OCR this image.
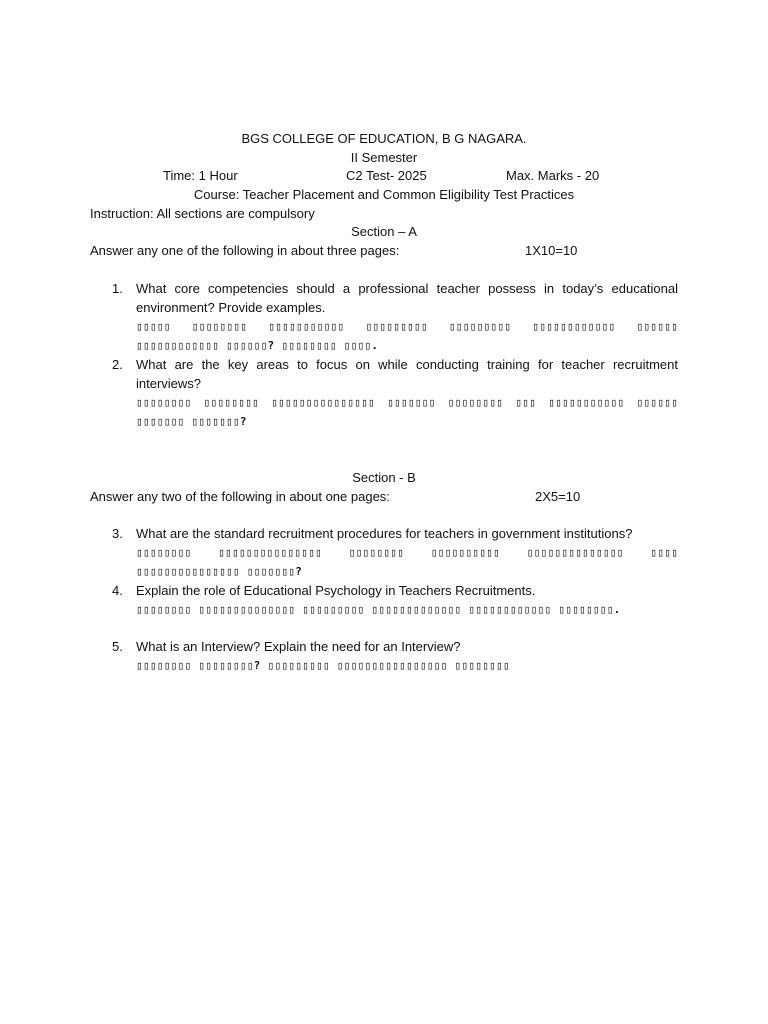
BGS COLLEGE OF EDUCATION, B G NAGARA.
II Semester
Time: 1 Hour	C2 Test- 2025	Max. Marks - 20
Course: Teacher Placement and Common Eligibility Test Practices
Instruction: All sections are compulsory
Section – A
Answer any one of the following in about three pages:	1X10=10
1. What core competencies should a professional teacher possess in today’s educational
environment? Provide examples.
▯▯▯▯▯ ▯▯▯▯▯▯▯▯ ▯▯▯▯▯▯▯▯▯▯▯ ▯▯▯▯▯▯▯▯▯ ▯▯▯▯▯▯▯▯▯ ▯▯▯▯▯▯▯▯▯▯▯▯ ▯▯▯▯▯▯
▯▯▯▯▯▯▯▯▯▯▯▯ ▯▯▯▯▯▯? ▯▯▯▯▯▯▯▯ ▯▯▯▯.
2. What are the key areas to focus on while conducting training for teacher recruitment
interviews?
▯▯▯▯▯▯▯▯ ▯▯▯▯▯▯▯▯ ▯▯▯▯▯▯▯▯▯▯▯▯▯▯▯ ▯▯▯▯▯▯▯ ▯▯▯▯▯▯▯▯ ▯▯▯ ▯▯▯▯▯▯▯▯▯▯▯ ▯▯▯▯▯▯
▯▯▯▯▯▯▯ ▯▯▯▯▯▯▯?
Section - B
Answer any two of the following in about one pages:	2X5=10
3. What are the standard recruitment procedures for teachers in government institutions?
▯▯▯▯▯▯▯▯ ▯▯▯▯▯▯▯▯▯▯▯▯▯▯▯ ▯▯▯▯▯▯▯▯ ▯▯▯▯▯▯▯▯▯▯ ▯▯▯▯▯▯▯▯▯▯▯▯▯▯ ▯▯▯▯
▯▯▯▯▯▯▯▯▯▯▯▯▯▯▯ ▯▯▯▯▯▯▯?
4. Explain the role of Educational Psychology in Teachers Recruitments.
▯▯▯▯▯▯▯▯ ▯▯▯▯▯▯▯▯▯▯▯▯▯▯ ▯▯▯▯▯▯▯▯▯ ▯▯▯▯▯▯▯▯▯▯▯▯▯ ▯▯▯▯▯▯▯▯▯▯▯▯ ▯▯▯▯▯▯▯▯.
5. What is an Interview? Explain the need for an Interview?
▯▯▯▯▯▯▯▯ ▯▯▯▯▯▯▯▯? ▯▯▯▯▯▯▯▯▯ ▯▯▯▯▯▯▯▯▯▯▯▯▯▯▯▯ ▯▯▯▯▯▯▯▯
